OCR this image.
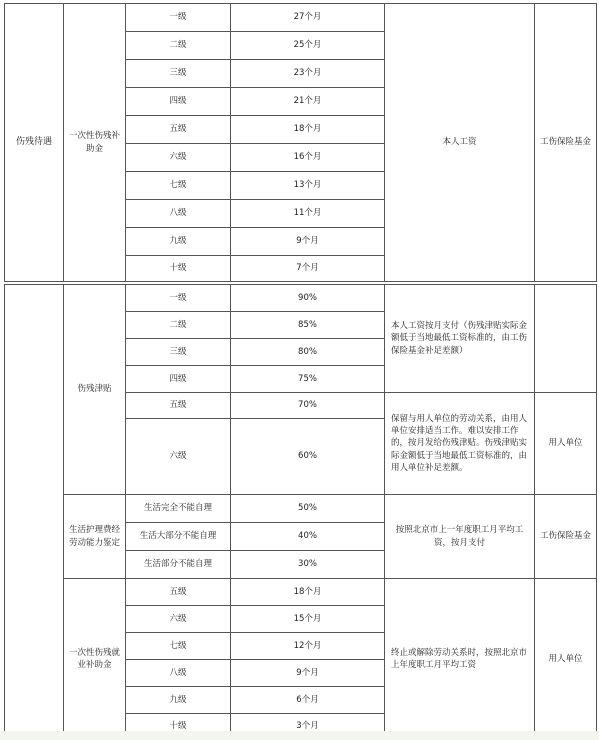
伤残待遇	一次性伤残补助金	一级	27个月	本人工资	工伤保险基金
		二级	25个月		
		三级	23个月		
		四级	21个月		
		五级	18个月		
		六级	16个月		
		七级	13个月		
		八级	11个月		
		九级	9个月		
		十级	7个月		
	伤残津贴	一级	90%	本人工资按月支付（伤残津贴实际金额低于当地最低工资标准的，由工伤保险基金补足差额）	
		二级	85%		
		三级	80%		
		四级	75%		
		五级	70%	保留与用人单位的劳动关系，由用人单位安排适当工作。难以安排工作的，按月发给伤残津贴。伤残津贴实际金额低于当地最低工资标准的，由用人单位补足差额。	用人单位
		六级	60%		
	生活护理费经劳动能力鉴定	生活完全不能自理	50%	按照北京市上一年度职工月平均工资，按月支付	工伤保险基金
		生活大部分不能自理	40%		
		生活部分不能自理	30%		
	一次性伤残就业补助金	五级	18个月	终止或解除劳动关系时，按照北京市上年度职工月平均工资	用人单位
		六级	15个月		
		七级	12个月		
		八级	9个月		
		九级	6个月		
		十级	3个月		
